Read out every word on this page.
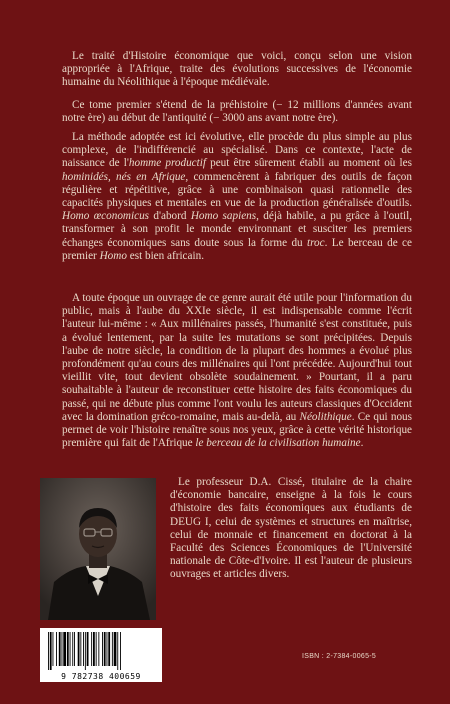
Le traité d'Histoire économique que voici, conçu selon une vision appropriée à l'Afrique, traite des évolutions successives de l'économie humaine du Néolithique à l'époque médiévale.

Ce tome premier s'étend de la préhistoire (− 12 millions d'années avant notre ère) au début de l'antiquité (− 3000 ans avant notre ère).

La méthode adoptée est ici évolutive, elle procède du plus simple au plus complexe, de l'indifférencié au spécialisé. Dans ce contexte, l'acte de naissance de l'homme productif peut être sûrement établi au moment où les hominidés, nés en Afrique, commencèrent à fabriquer des outils de façon régulière et répétitive, grâce à une combinaison quasi rationnelle des capacités physiques et mentales en vue de la production généralisée d'outils. Homo œconomicus d'abord Homo sapiens, déjà habile, a pu grâce à l'outil, transformer à son profit le monde environnant et susciter les premiers échanges économiques sans doute sous la forme du troc. Le berceau de ce premier Homo est bien africain.

A toute époque un ouvrage de ce genre aurait été utile pour l'information du public, mais à l'aube du XXIe siècle, il est indispensable comme l'écrit l'auteur lui-même : « Aux millénaires passés, l'humanité s'est constituée, puis a évolué lentement, par la suite les mutations se sont précipitées. Depuis l'aube de notre siècle, la condition de la plupart des hommes a évolué plus profondément qu'au cours des millénaires qui l'ont précédée. Aujourd'hui tout vieillit vite, tout devient obsolète soudainement. » Pourtant, il a paru souhaitable à l'auteur de reconstituer cette histoire des faits économiques du passé, qui ne débute plus comme l'ont voulu les auteurs classiques d'Occident avec la domination gréco-romaine, mais au-delà, au Néolithique. Ce qui nous permet de voir l'histoire renaître sous nos yeux, grâce à cette vérité historique première qui fait de l'Afrique le berceau de la civilisation humaine.

Le professeur D.A. Cissé, titulaire de la chaire d'économie bancaire, enseigne à la fois le cours d'histoire des faits économiques aux étudiants de DEUG I, celui de systèmes et structures en maîtrise, celui de monnaie et financement en doctorat à la Faculté des Sciences Économiques de l'Université nationale de Côte-d'Ivoire. Il est l'auteur de plusieurs ouvrages et articles divers.

9 782738 400659
ISBN : 2-7384-0065-5
